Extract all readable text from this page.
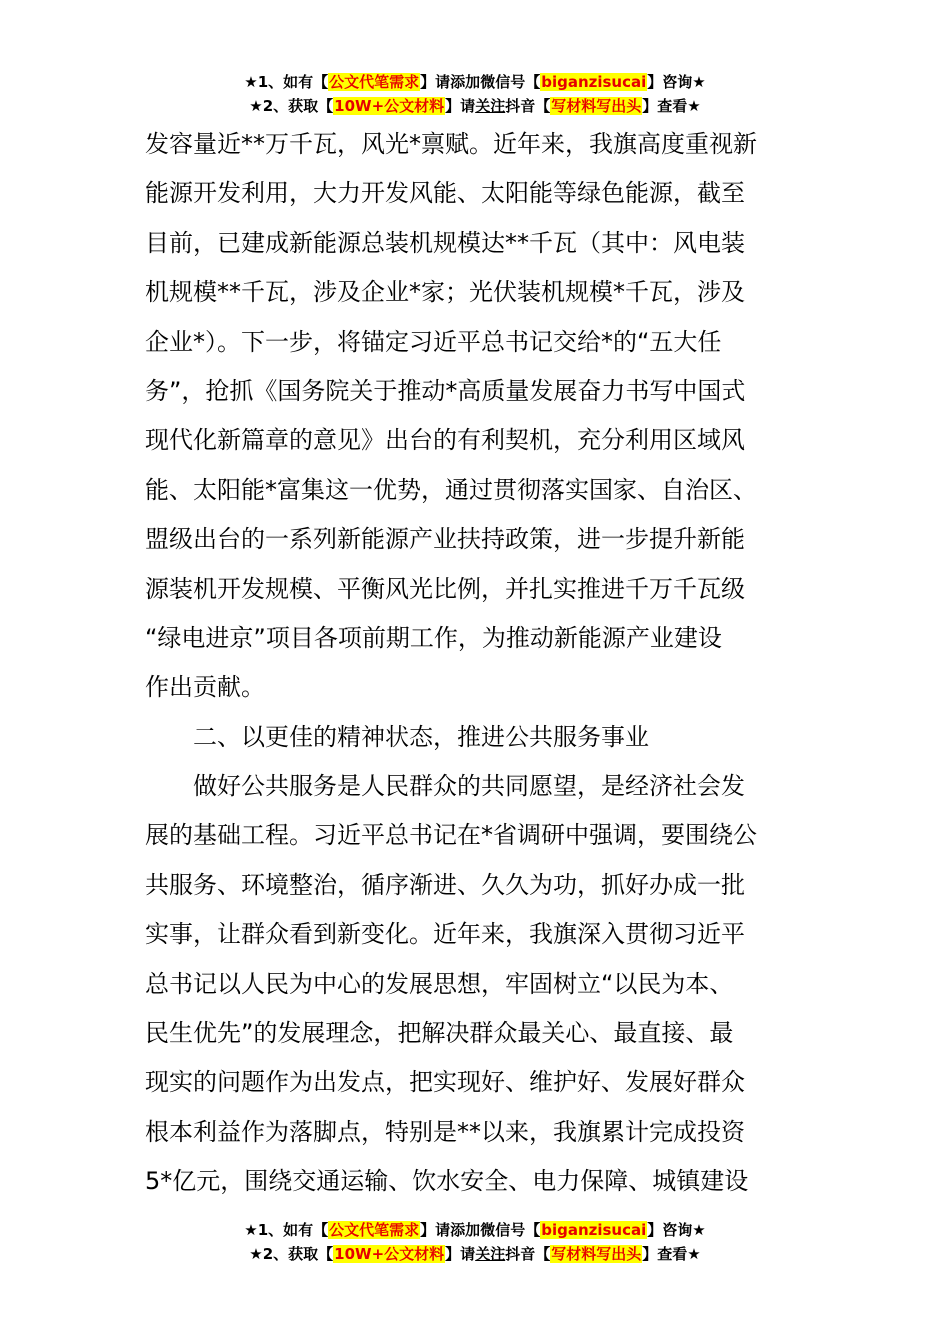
★1、如有【公文代笔需求】请添加微信号【biganzisucai】咨询★
★2、获取【10W+公文材料】请关注抖音【写材料写出头】查看★
发容量近**万千瓦，风光*禀赋。近年来，我旗高度重视新
能源开发利用，大力开发风能、太阳能等绿色能源，截至
目前，已建成新能源总装机规模达**千瓦（其中：风电装
机规模**千瓦，涉及企业*家；光伏装机规模*千瓦，涉及
企业*）。下一步，将锚定习近平总书记交给*的“五大任
务”，抢抓《国务院关于推动*高质量发展奋力书写中国式
现代化新篇章的意见》出台的有利契机，充分利用区域风
能、太阳能*富集这一优势，通过贯彻落实国家、自治区、
盟级出台的一系列新能源产业扶持政策，进一步提升新能
源装机开发规模、平衡风光比例，并扎实推进千万千瓦级
“绿电进京”项目各项前期工作，为推动新能源产业建设
作出贡献。
二、以更佳的精神状态，推进公共服务事业
做好公共服务是人民群众的共同愿望，是经济社会发
展的基础工程。习近平总书记在*省调研中强调，要围绕公
共服务、环境整治，循序渐进、久久为功，抓好办成一批
实事，让群众看到新变化。近年来，我旗深入贯彻习近平
总书记以人民为中心的发展思想，牢固树立“以民为本、
民生优先”的发展理念，把解决群众最关心、最直接、最
现实的问题作为出发点，把实现好、维护好、发展好群众
根本利益作为落脚点，特别是**以来，我旗累计完成投资
5*亿元，围绕交通运输、饮水安全、电力保障、城镇建设
★1、如有【公文代笔需求】请添加微信号【biganzisucai】咨询★
★2、获取【10W+公文材料】请关注抖音【写材料写出头】查看★
